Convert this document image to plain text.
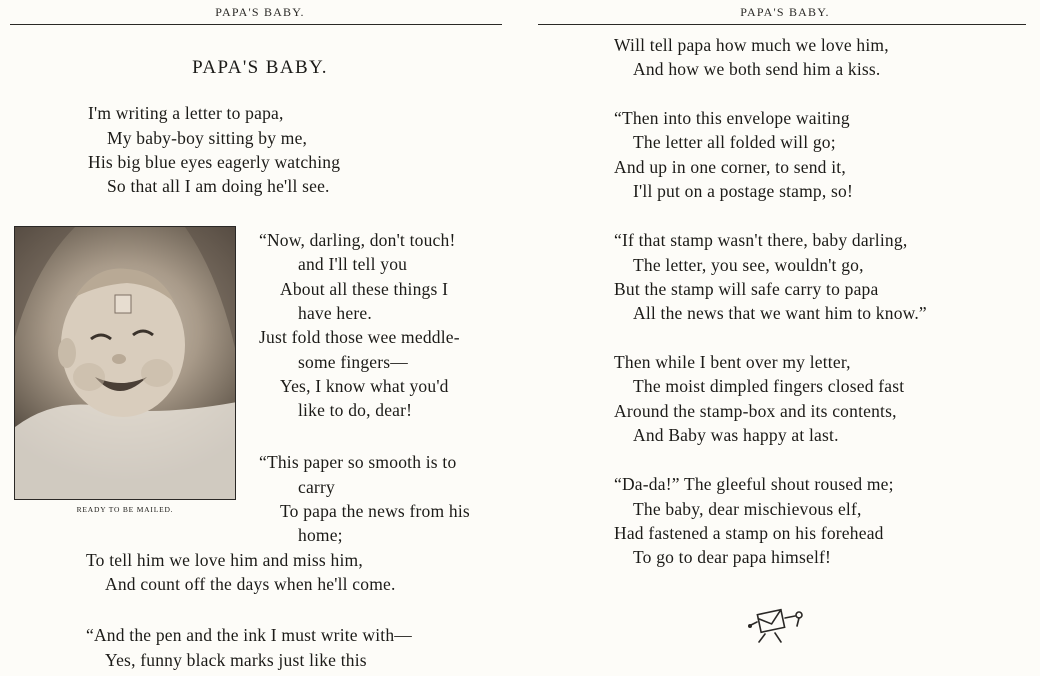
PAPA'S BABY.
PAPA'S BABY.
I'm writing a letter to papa,
My baby-boy sitting by me,
His big blue eyes eagerly watching
So that all I am doing he'll see.
READY TO BE MAILED.
“Now, darling, don't touch!
and I'll tell you
About all these things I
have here.
Just fold those wee meddle-
some fingers—
Yes, I know what you'd
like to do, dear!
“This paper so smooth is to
carry
To papa the news from his
home;
To tell him we love him and miss him,
And count off the days when he'll come.
“And the pen and the ink I must write with—
Yes, funny black marks just like this
PAPA'S BABY.
Will tell papa how much we love him,
And how we both send him a kiss.
“Then into this envelope waiting
The letter all folded will go;
And up in one corner, to send it,
I'll put on a postage stamp, so!
“If that stamp wasn't there, baby darling,
The letter, you see, wouldn't go,
But the stamp will safe carry to papa
All the news that we want him to know.”
Then while I bent over my letter,
The moist dimpled fingers closed fast
Around the stamp-box and its contents,
And Baby was happy at last.
“Da-da!” The gleeful shout roused me;
The baby, dear mischievous elf,
Had fastened a stamp on his forehead
To go to dear papa himself!
